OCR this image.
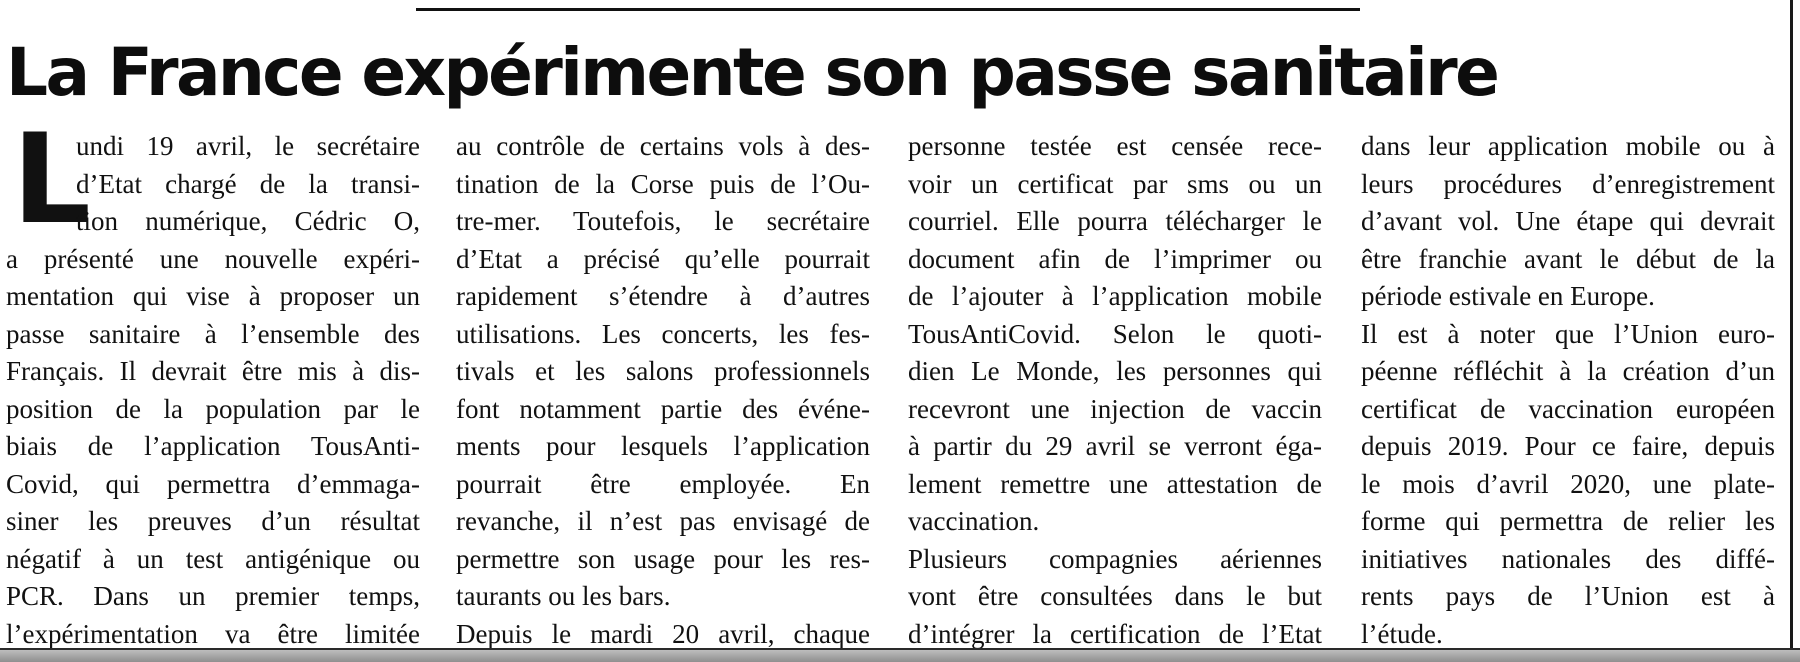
La France expérimente son passe sanitaire
L
undi 19 avril, le secrétaire
d’Etat chargé de la transi-
tion numérique, Cédric O,
a présenté une nouvelle expéri-
mentation qui vise à proposer un
passe sanitaire à l’ensemble des
Français. Il devrait être mis à dis-
position de la population par le
biais de l’application TousAnti-
Covid, qui permettra d’emmaga-
siner les preuves d’un résultat
négatif à un test antigénique ou
PCR. Dans un premier temps,
l’expérimentation va être limitée
au contrôle de certains vols à des-
tination de la Corse puis de l’Ou-
tre-mer. Toutefois, le secrétaire
d’Etat a précisé qu’elle pourrait
rapidement s’étendre à d’autres
utilisations. Les concerts, les fes-
tivals et les salons professionnels
font notamment partie des événe-
ments pour lesquels l’application
pourrait être employée. En
revanche, il n’est pas envisagé de
permettre son usage pour les res-
taurants ou les bars.
Depuis le mardi 20 avril, chaque
personne testée est censée rece-
voir un certificat par sms ou un
courriel. Elle pourra télécharger le
document afin de l’imprimer ou
de l’ajouter à l’application mobile
TousAntiCovid. Selon le quoti-
dien Le Monde, les personnes qui
recevront une injection de vaccin
à partir du 29 avril se verront éga-
lement remettre une attestation de
vaccination.
Plusieurs compagnies aériennes
vont être consultées dans le but
d’intégrer la certification de l’Etat
dans leur application mobile ou à
leurs procédures d’enregistrement
d’avant vol. Une étape qui devrait
être franchie avant le début de la
période estivale en Europe.
Il est à noter que l’Union euro-
péenne réfléchit à la création d’un
certificat de vaccination européen
depuis 2019. Pour ce faire, depuis
le mois d’avril 2020, une plate-
forme qui permettra de relier les
initiatives nationales des diffé-
rents pays de l’Union est à
l’étude.
